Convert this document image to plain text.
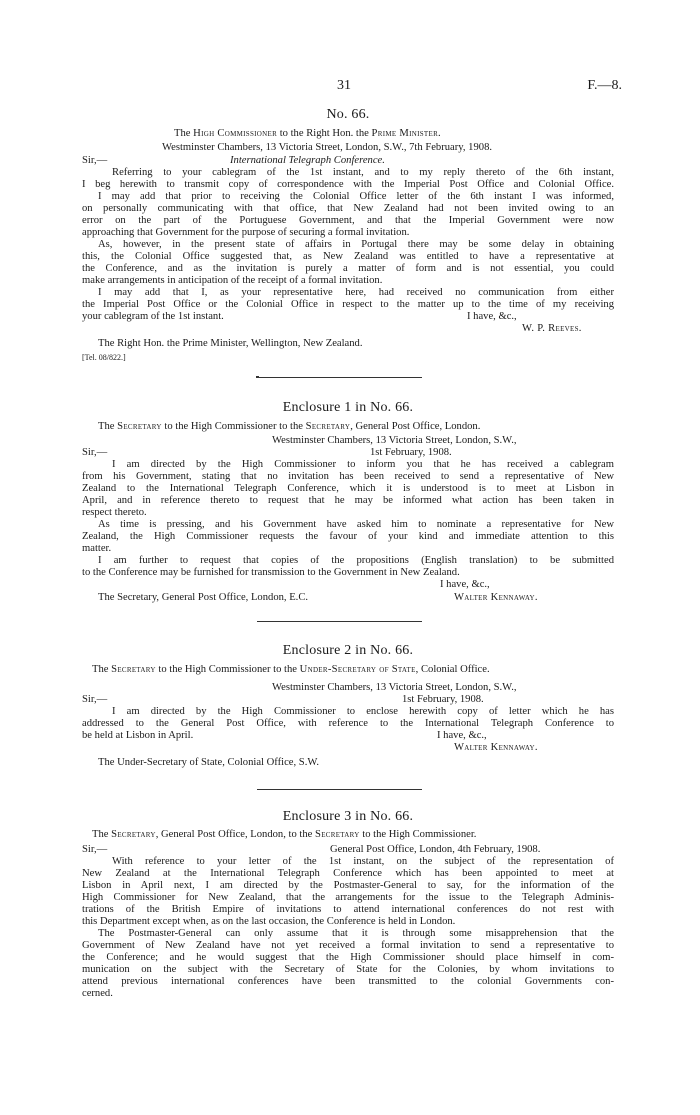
31	F.—8.
No. 66.
The High Commissioner to the Right Hon. the Prime Minister.
Westminster Chambers, 13 Victoria Street, London, S.W., 7th February, 1908.
Sir,—	International Telegraph Conference.
Referring to your cablegram of the 1st instant, and to my reply thereto of the 6th instant,
I beg herewith to transmit copy of correspondence with the Imperial Post Office and Colonial Office.
I may add that prior to receiving the Colonial Office letter of the 6th instant I was informed,
on personally communicating with that office, that New Zealand had not been invited owing to an
error on the part of the Portuguese Government, and that the Imperial Government were now
approaching that Government for the purpose of securing a formal invitation.
As, however, in the present state of affairs in Portugal there may be some delay in obtaining
this, the Colonial Office suggested that, as New Zealand was entitled to have a representative at
the Conference, and as the invitation is purely a matter of form and is not essential, you could
make arrangements in anticipation of the receipt of a formal invitation.
I may add that I, as your representative here, had received no communication from either
the Imperial Post Office or the Colonial Office in respect to the matter up to the time of my receiving
your cablegram of the 1st instant.	I have, &c.,
W. P. Reeves.
The Right Hon. the Prime Minister, Wellington, New Zealand.
[Tel. 08/822.]
Enclosure 1 in No. 66.
The Secretary to the High Commissioner to the Secretary, General Post Office, London.
Westminster Chambers, 13 Victoria Street, London, S.W.,
Sir,—	1st February, 1908.
I am directed by the High Commissioner to inform you that he has received a cablegram
from his Government, stating that no invitation has been received to send a representative of New
Zealand to the International Telegraph Conference, which it is understood is to meet at Lisbon in
April, and in reference thereto to request that he may be informed what action has been taken in
respect thereto.
As time is pressing, and his Government have asked him to nominate a representative for New
Zealand, the High Commissioner requests the favour of your kind and immediate attention to this
matter.
I am further to request that copies of the propositions (English translation) to be submitted
to the Conference may be furnished for transmission to the Government in New Zealand.
I have, &c.,
The Secretary, General Post Office, London, E.C.	Walter Kennaway.
Enclosure 2 in No. 66.
The Secretary to the High Commissioner to the Under-Secretary of State, Colonial Office.
Westminster Chambers, 13 Victoria Street, London, S.W.,
Sir,—	1st February, 1908.
I am directed by the High Commissioner to enclose herewith copy of letter which he has
addressed to the General Post Office, with reference to the International Telegraph Conference to
be held at Lisbon in April.	I have, &c.,
Walter Kennaway.
The Under-Secretary of State, Colonial Office, S.W.
Enclosure 3 in No. 66.
The Secretary, General Post Office, London, to the Secretary to the High Commissioner.
Sir,—	General Post Office, London, 4th February, 1908.
With reference to your letter of the 1st instant, on the subject of the representation of
New Zealand at the International Telegraph Conference which has been appointed to meet at
Lisbon in April next, I am directed by the Postmaster-General to say, for the information of the
High Commissioner for New Zealand, that the arrangements for the issue to the Telegraph Adminis-
trations of the British Empire of invitations to attend international conferences do not rest with
this Department except when, as on the last occasion, the Conference is held in London.
The Postmaster-General can only assume that it is through some misapprehension that the
Government of New Zealand have not yet received a formal invitation to send a representative to
the Conference; and he would suggest that the High Commissioner should place himself in com-
munication on the subject with the Secretary of State for the Colonies, by whom invitations to
attend previous international conferences have been transmitted to the colonial Governments con-
cerned.
